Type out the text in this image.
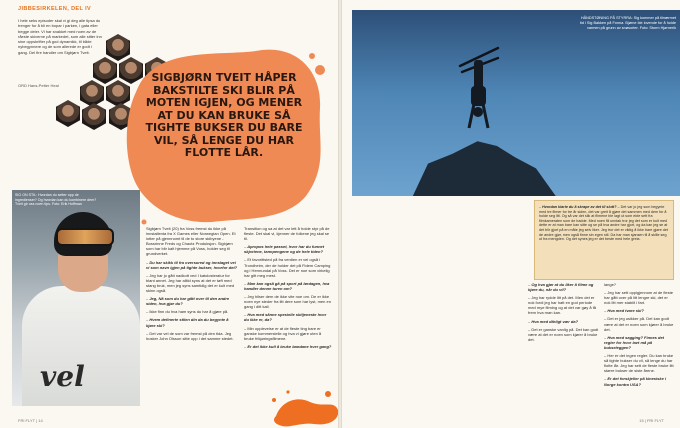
JIBBESIRKELEN, DEL IV
I hele seks episoder skal vi gi deg alle tipsa du trenger for å bli en bopar i parken, i gata eller begge deler. Vi har snakket med noen av de råeste skiverne på markedet, som alle sitter inn sine oppskrifter på god dynamikk, til både nybegynnere og de som allerede er godt i gang. Del fire handler om Sigbjørn Tveit.
ORD Hans-Petter Heal
SIGBJØRN TVEIT HÅPER BAKSTILTE SKI BLIR PÅ MOTEN IGJEN, OG MENER AT DU KAN BRUKE SÅ TIGHTE BUKSER DU BARE VIL, SÅ LENGE DU HAR FLOTTE LÅR.
vel
SIG ON STIL: Hvordan du setter opp de ingredienser? Og hvordan kan du kombinere dem? Tveit gir oss noen tips. Foto: Erik Hoffman

Sigbjørn Tveit (20) fra Voss fremst du ikke på innstallenta fra X Games eller Norwegian Open. Et lotter på gjennnomt til de to store skibyene - Bossrinne Freds og Chaotz Produksjon. Sigbjørn som har blir kalt hjemme på Voss, holder seg til grundverket.

– Du har skikk til fra oversured og innslaget vei vi som navn igjen på tighte bukser, hvorfor det?

– Jeg har jo gått nadkott ved I katolosteratur for blant annet. Jeg har alltid syns at det er tøft med stang bruk, men jeg syns samtidig det er kult med skinn også.

– Jeg, Nå som du har gått over til den andre siden, hva gjør du?

– Ikke finn du hva ham syns du har å gjøre på.

– Hvem definerte stilen din da du begynte å kjøre ski?

– Det var vel de som var fremst på den tida. Jeg husker John Olsson sitte opp i det samme stedet.

Transition og sa at det var lett å holde styr på de fleste. Det skal vi, kjenner de folkene jeg skal se til.

– Apropos hele passet, hvor har du funnet skjortene, tannpengene og de hele tiden?

– Et favorittsted på fra verdien er vel også i Trondheim, der de holder det på Fidem Camping og i Hermundal på Voss. Det er noe som virkelig har gitt meg mest.

– Man kan også gå på sport på lørdagen, hva handler denne turen om?

– Jeg hilser dem de ikke vite noe om. De er ikke noen nye steder fra litt dere som har lyst, men en gang i ditt kall.

– Hva med sånne spesielle skitjeneste hvor du ikke er, da?

– Min opplevelse er at de fleste ting bare er ganske kommersielle og hva vi gjøre uten å bruke frikjøringsfilmene.

– Er det ikke kult å bruke bandane hver gang?

FRI FLYT | 14
HÅNDSTØNING PÅ STYRRA: Sig kommer på tilnærmet tid i Sig Bakken på Fonna. Bjørne ble lovende for å holde varmen på grunn av snøsorter. Foto: Storm Hjørnerik

– Og hva gjør at du liker å filme og kjøre du, når du vil?

– Jeg har rydde litt på det. Men det er nok fordi jeg har hatt en god periode med mye filming og at det var gøy å få frem hva man kan.

– Hva med dårligt vær da?

– Det er ganske vanlig på. Det kan godt være at det er noen som kjører å bruke det.

lange?

– Jeg har sett oppigjennom at de fleste har gått over på litt lengre ski, det er nok litt mer stabilt i fart.

– Hva med tvare ski?

– Det er jeg usikker på. Det kan godt være at det er noen som kjører å bruke det.

– Hva med sagging? Finnes det regler for hvor lavt må på bukseleggen?

– Her er det ingen regler. Du kan bruke så tighte bukser du vil, så lenge du har flotte lår. Jeg har sett de fleste bruke litt større bukser de siste årene.

– Er det forskjeller på kinesiske i Norge kontra USA?

– Hvordan klarte du å skrape av det til slutt? – Det var jo jeg som begynte med tre filmer for tre år siden, det var greit å gjøre det sammen med dem for å holde seg litt. Og så var det slik at filmene ble lagt ut som ekte sett fra filmkameraten som de hadde. Med noen få unntak tror jeg det som er kult med dette er at man bare kan sitte og se på hva andre har gjort, og da kan jeg se at det blir gjort på en måte jeg selv liker. Jeg tror det er viktig å ikke bare gjøre det de andre gjør, men også finne sin egen stil. Da har man sjansen til å skille seg ut fra mengden. Og det synes jeg er det beste med hele greia.
15 | FRI FLYT
